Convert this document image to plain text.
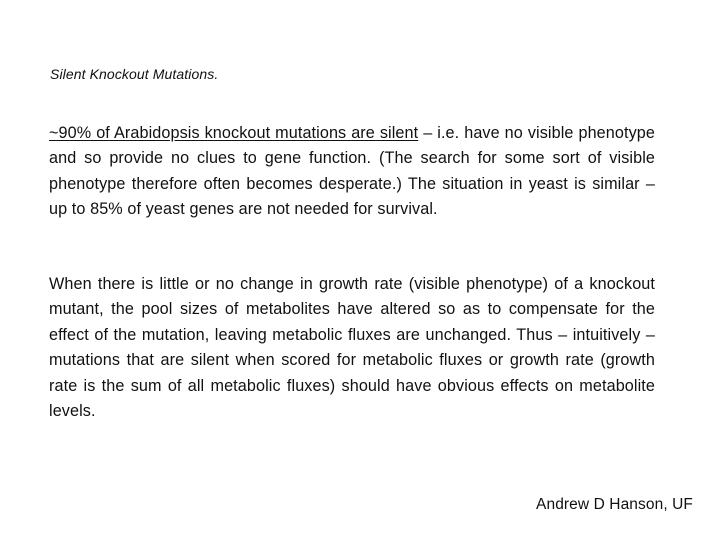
Silent Knockout Mutations.

~90% of Arabidopsis knockout mutations are silent – i.e. have no visible phenotype and so provide no clues to gene function. (The search for some sort of visible phenotype therefore often becomes desperate.) The situation in yeast is similar – up to 85% of yeast genes are not needed for survival.

When there is little or no change in growth rate (visible phenotype) of a knockout mutant, the pool sizes of metabolites have altered so as to compensate for the effect of the mutation, leaving metabolic fluxes are unchanged. Thus – intuitively – mutations that are silent when scored for metabolic fluxes or growth rate (growth rate is the sum of all metabolic fluxes) should have obvious effects on metabolite levels.

Andrew D Hanson, UF
